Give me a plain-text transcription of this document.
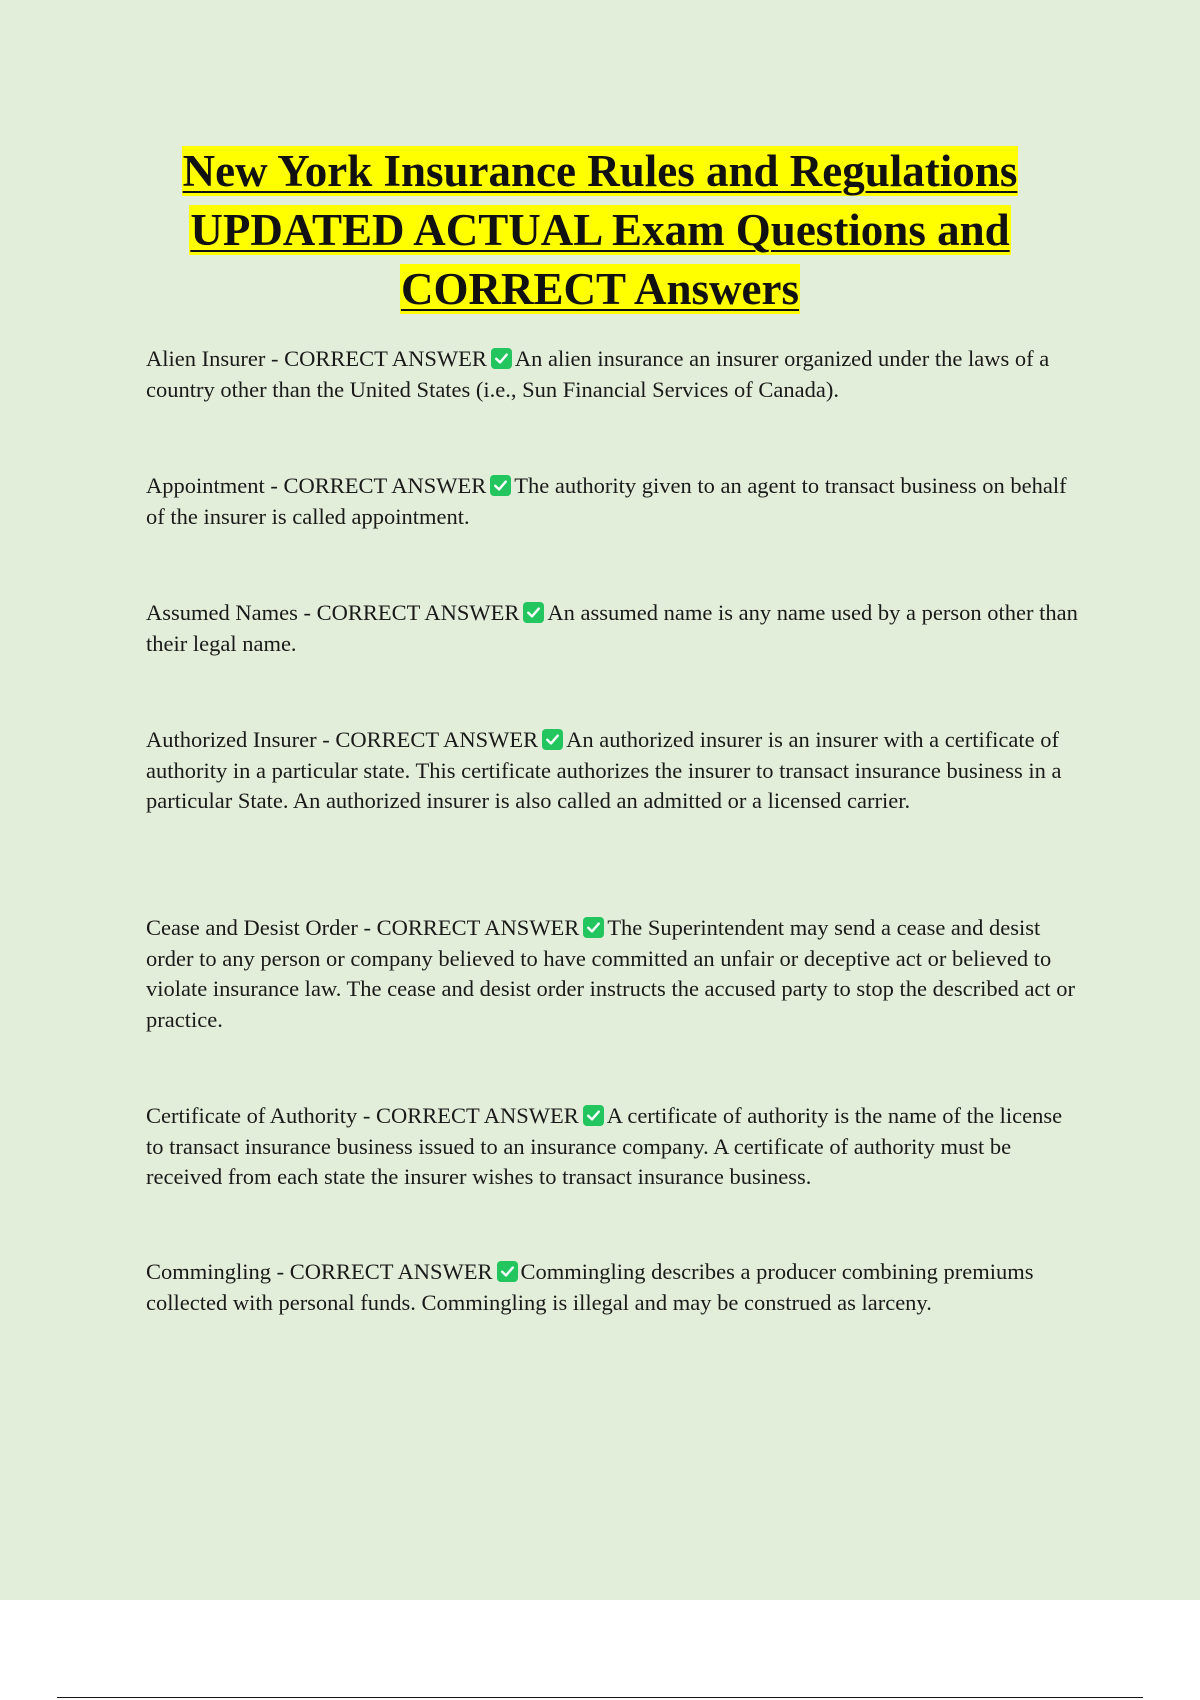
New York Insurance Rules and Regulations
UPDATED ACTUAL Exam Questions and
CORRECT Answers
Alien Insurer - CORRECT ANSWER An alien insurance an insurer organized under the laws of a country other than the United States (i.e., Sun Financial Services of Canada).
Appointment - CORRECT ANSWER The authority given to an agent to transact business on behalf of the insurer is called appointment.
Assumed Names - CORRECT ANSWER An assumed name is any name used by a person other than their legal name.
Authorized Insurer - CORRECT ANSWER An authorized insurer is an insurer with a certificate of authority in a particular state. This certificate authorizes the insurer to transact insurance business in a particular State. An authorized insurer is also called an admitted or a licensed carrier.
Cease and Desist Order - CORRECT ANSWER The Superintendent may send a cease and desist order to any person or company believed to have committed an unfair or deceptive act or believed to violate insurance law. The cease and desist order instructs the accused party to stop the described act or practice.
Certificate of Authority - CORRECT ANSWER A certificate of authority is the name of the license to transact insurance business issued to an insurance company. A certificate of authority must be received from each state the insurer wishes to transact insurance business.
Commingling - CORRECT ANSWER Commingling describes a producer combining premiums collected with personal funds. Commingling is illegal and may be construed as larceny.
